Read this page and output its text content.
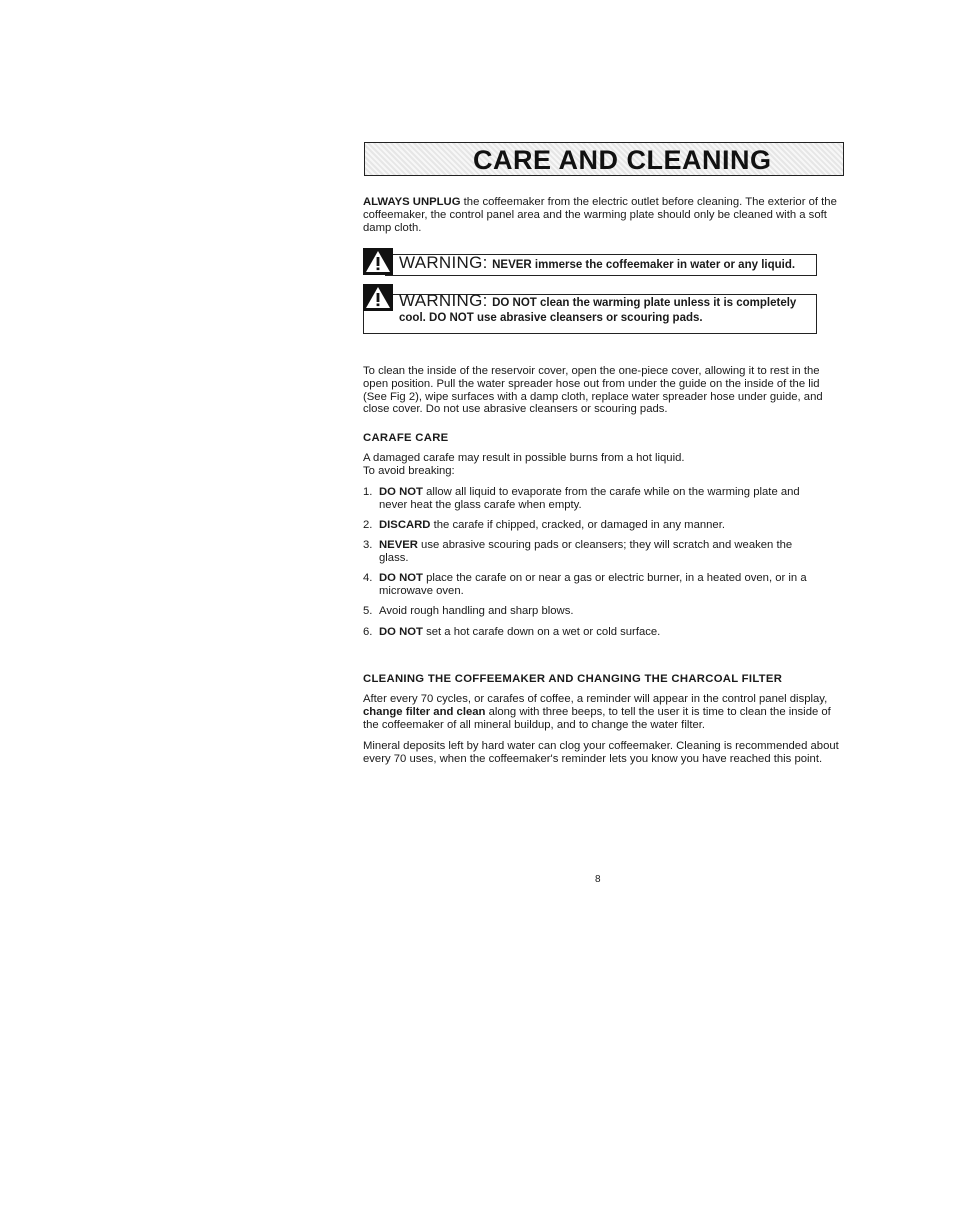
CARE AND CLEANING

ALWAYS UNPLUG the coffeemaker from the electric outlet before cleaning. The exterior of the coffeemaker, the control panel area and the warming plate should only be cleaned with a soft damp cloth.

WARNING: NEVER immerse the coffeemaker in water or any liquid.
WARNING: DO NOT clean the warming plate unless it is completely cool. DO NOT use abrasive cleansers or scouring pads.

To clean the inside of the reservoir cover, open the one-piece cover, allowing it to rest in the open position. Pull the water spreader hose out from under the guide on the inside of the lid (See Fig 2), wipe surfaces with a damp cloth, replace water spreader hose under guide, and close cover. Do not use abrasive cleansers or scouring pads.

CARAFE CARE

A damaged carafe may result in possible burns from a hot liquid.

To avoid breaking:

1. DO NOT allow all liquid to evaporate from the carafe while on the warming plate and never heat the glass carafe when empty.
2. DISCARD the carafe if chipped, cracked, or damaged in any manner.
3. NEVER use abrasive scouring pads or cleansers; they will scratch and weaken the glass.
4. DO NOT place the carafe on or near a gas or electric burner, in a heated oven, or in a microwave oven.
5. Avoid rough handling and sharp blows.
6. DO NOT set a hot carafe down on a wet or cold surface.

CLEANING THE COFFEEMAKER AND CHANGING THE CHARCOAL FILTER

After every 70 cycles, or carafes of coffee, a reminder will appear in the control panel display, change filter and clean along with three beeps, to tell the user it is time to clean the inside of the coffeemaker of all mineral buildup, and to change the water filter.

Mineral deposits left by hard water can clog your coffeemaker. Cleaning is recommended about every 70 uses, when the coffeemaker's reminder lets you know you have reached this point.

8
